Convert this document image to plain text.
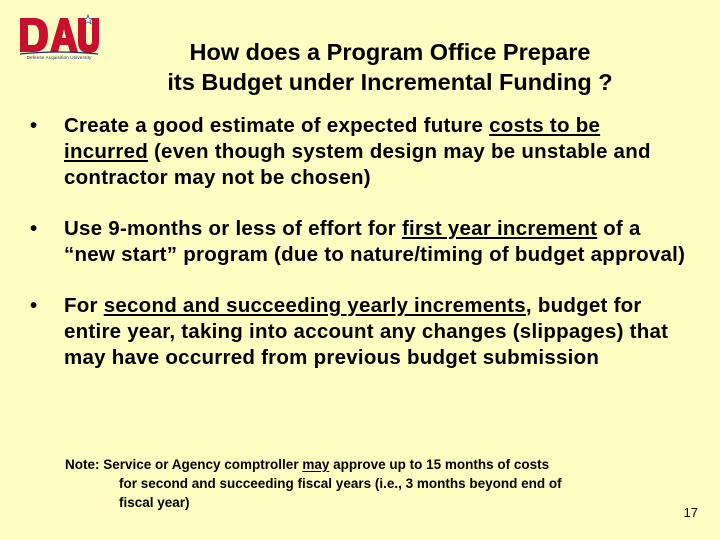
Defense Acquisition University	How does a Program Office Prepare
its Budget under Incremental Funding ?
• Create a good estimate of expected future costs to be incurred (even though system design may be unstable and contractor may not be chosen)
• Use 9-months or less of effort for first year increment of a “new start” program (due to nature/timing of budget approval)
• For second and succeeding yearly increments, budget for entire year, taking into account any changes (slippages) that may have occurred from previous budget submission
Note: Service or Agency comptroller may approve up to 15 months of costs
for second and succeeding fiscal years (i.e., 3 months beyond end of
fiscal year)
17
